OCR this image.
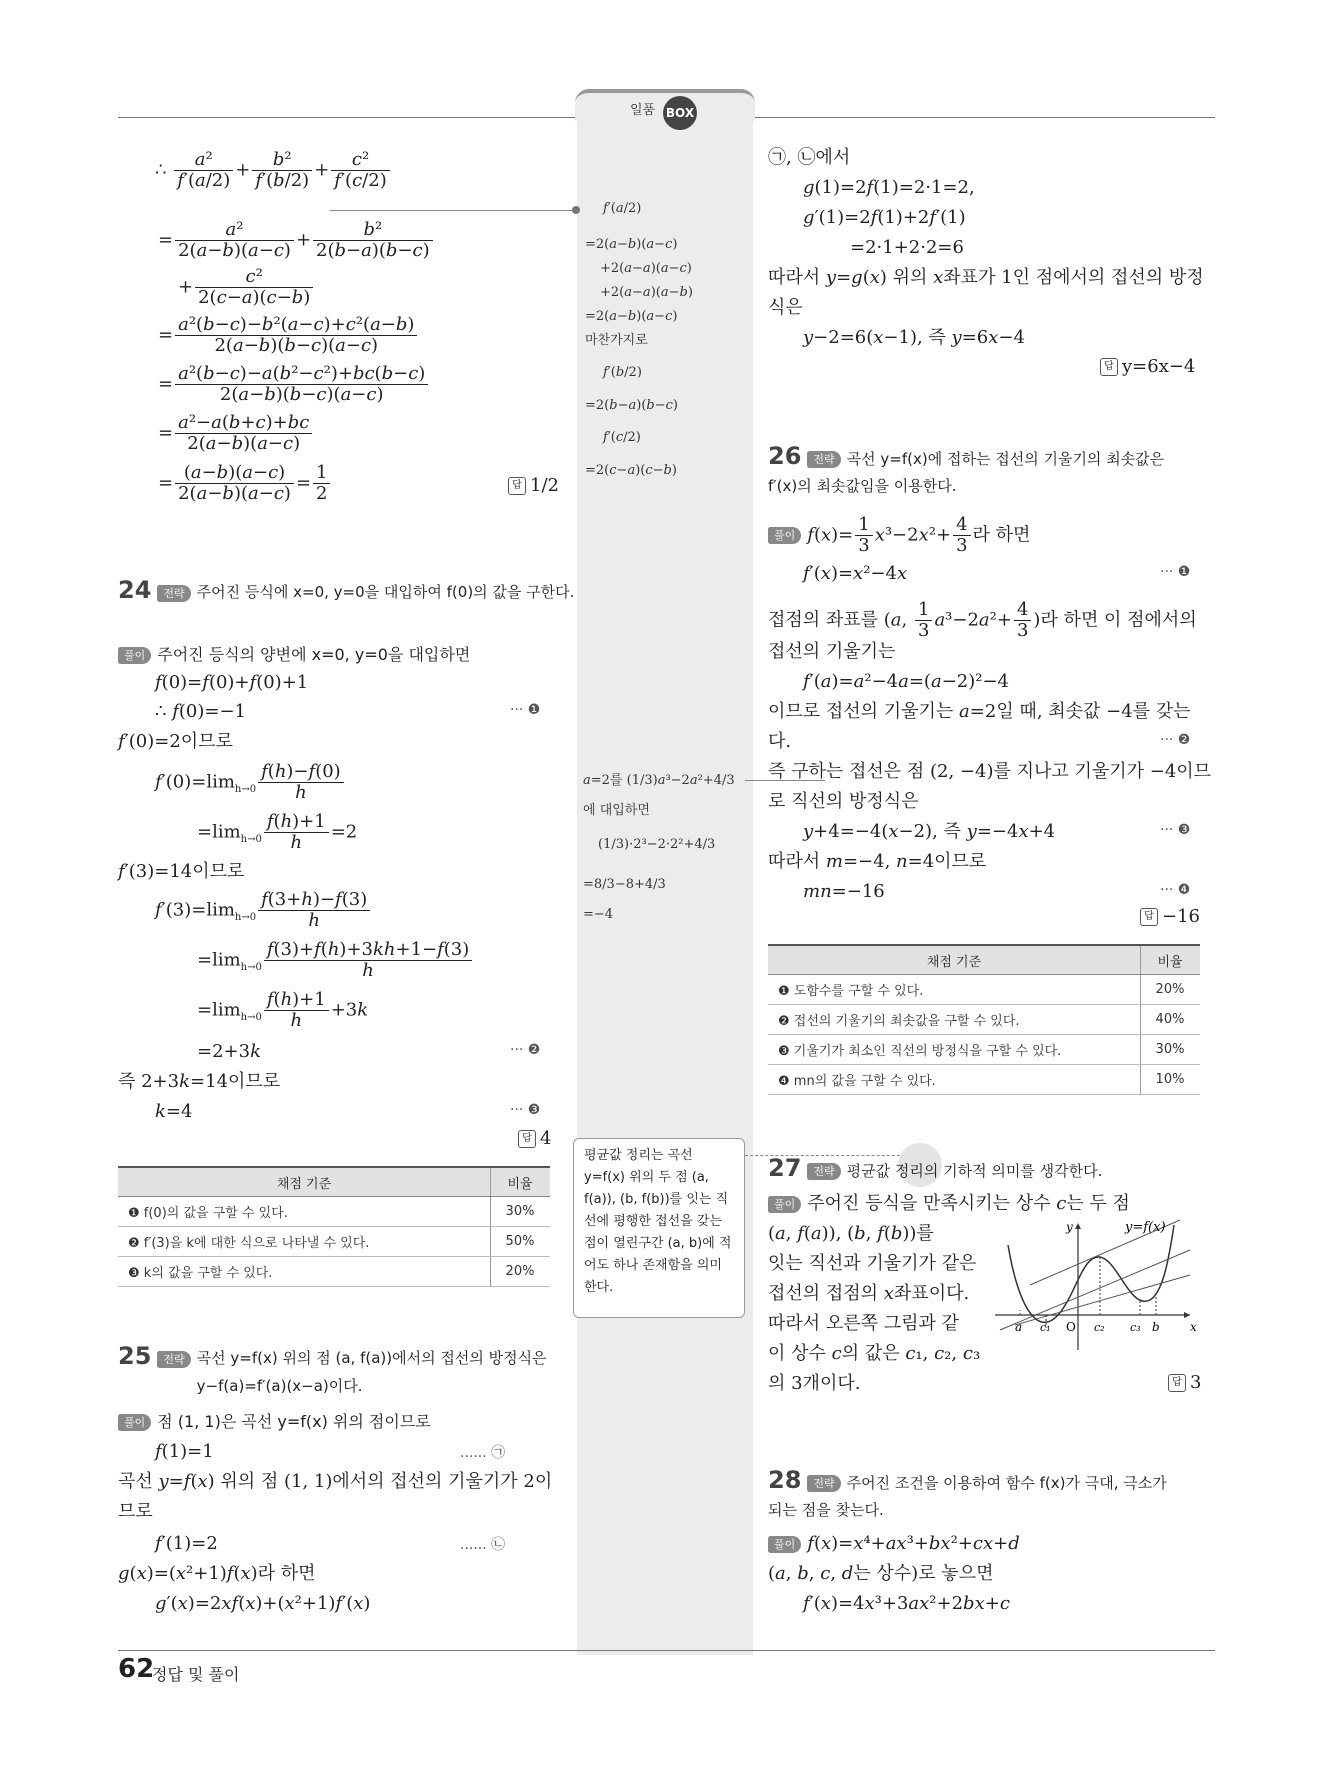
일품 BOX
∴ $\frac{\text{a²}}{f'(a/2)} + \frac{\text{b²}}{f'(b/2)} + \frac{\text{c²}}{f'(c/2)}$
= $\frac{\text{a²}}{2(a-b)(a-c)} + \frac{\text{b²}}{2(b-a)(b-c)}$
+ $\frac{\text{c²}}{2(c-a)(c-b)}$
= $\frac{\text{a²(b−c)−b²(a−c)+c²(a−b)}}{2(a-b)(b-c)(a-c)}$
= $\frac{\text{a²(b−c)−a(b²−c²)+bc(b−c)}}{2(a-b)(b-c)(a-c)}$
= $\frac{\text{a²−a(b+c)+bc}}{2(a-b)(a-c)}$
= $\frac{(a-b)(a-c)}{2(a-b)(a-c)} = \frac{1}{2}$	답 1/2
24 전략 주어진 등식에 x=0, y=0을 대입하여 f(0)의 값을 구한다.
풀이 주어진 등식의 양변에 x=0, y=0을 대입하면
f(0)=f(0)+f(0)+1
∴ f(0)=−1	··· ❶
f′(0)=2이므로
$f'(0)=\lim_{h\to 0} \frac{f(h)-f(0)}{h}$
$=\lim_{h\to 0} \frac{f(h)+1}{h} =2$
f′(3)=14이므로
$f'(3)=\lim_{h\to 0} \frac{f(3+h)-f(3)}{h}$
$=\lim_{h\to 0} \frac{f(3)+f(h)+3kh+1-f(3)}{h}$
$=\lim_{h\to 0} \frac{f(h)+1}{h} +3k$
=2+3k	··· ❷
즉 2+3k=14이므로
k=4	··· ❸
답 4
채점 기준	비율
❶ f(0)의 값을 구할 수 있다.	30%
❷ f′(3)을 k에 대한 식으로 나타낼 수 있다.	50%
❸ k의 값을 구할 수 있다.	20%
25 전략 곡선 y=f(x) 위의 점 (a, f(a))에서의 접선의 방정식은 y−f(a)=f′(a)(x−a)이다.
풀이 점 (1, 1)은 곡선 y=f(x) 위의 점이므로
f(1)=1	...... ㉠
곡선 y=f(x) 위의 점 (1, 1)에서의 접선의 기울기가 2이
므로
f′(1)=2	...... ㉡
g(x)=(x²+1)f(x)라 하면
g′(x)=2xf(x)+(x²+1)f′(x)
f′(a/2)
=2(a−b)(a−c)
+2(a−a)(a−c)
+2(a−a)(a−b)
=2(a−b)(a−c)
마찬가지로
f′(b/2)
=2(b−a)(b−c)
f′(c/2)
=2(c−a)(c−b)
a=2를 (1/3)a³−2a²+4/3
에 대입하면
(1/3)·2³−2·2²+4/3
=8/3−8+4/3
=−4
평균값 정리는 곡선 y=f(x) 위의 두 점 (a, f(a)), (b, f(b))를 잇는 직선에 평행한 접선을 갖는 점이 열린구간 (a, b)에 적어도 하나 존재함을 의미한다.
㉠, ㉡에서
g(1)=2f(1)=2·1=2,
g′(1)=2f(1)+2f′(1)
=2·1+2·2=6
따라서 y=g(x) 위의 x좌표가 1인 점에서의 접선의 방정
식은
y−2=6(x−1), 즉 y=6x−4
답 y=6x−4
26 전략 곡선 y=f(x)에 접하는 접선의 기울기의 최솟값은
f′(x)의 최솟값임을 이용한다.
풀이 $f(x)= \frac{1}{3} x^3-2x^2+ \frac{4}{3}$ 라 하면
f′(x)=x²−4x	··· ❶
접점의 좌표를 (a, $\frac{1}{3} a^3-2a^2+ \frac{4}{3}$ )라 하면 이 점에서의
접선의 기울기는
f′(a)=a²−4a=(a−2)²−4
이므로 접선의 기울기는 a=2일 때, 최솟값 −4를 갖는
다.	··· ❷
즉 구하는 접선은 점 (2, −4)를 지나고 기울기가 −4이므
로 직선의 방정식은
y+4=−4(x−2), 즉 y=−4x+4	··· ❸
따라서 m=−4, n=4이므로
mn=−16	··· ❹
답 −16
채점 기준	비율
❶ 도함수를 구할 수 있다.	20%
❷ 접선의 기울기의 최솟값을 구할 수 있다.	40%
❸ 기울기가 최소인 직선의 방정식을 구할 수 있다.	30%
❹ mn의 값을 구할 수 있다.	10%
27 전략 평균값 정리의 기하적 의미를 생각한다.
풀이 주어진 등식을 만족시키는 상수 c는 두 점
(a, f(a)), (b, f(b))를
잇는 직선과 기울기가 같은
접선의 접점의 x좌표이다.
따라서 오른쪽 그림과 같
이 상수 c의 값은 c₁, c₂, c₃
의 3개이다.
a c₁ O c₂ c₃ b	x
y	y=f(x)
답 3
28 전략 주어진 조건을 이용하여 함수 f(x)가 극대, 극소가
되는 점을 찾는다.
풀이 f(x)=x⁴+ax³+bx²+cx+d
(a, b, c, d는 상수)로 놓으면
f′(x)=4x³+3ax²+2bx+c
62
정답 및 풀이
